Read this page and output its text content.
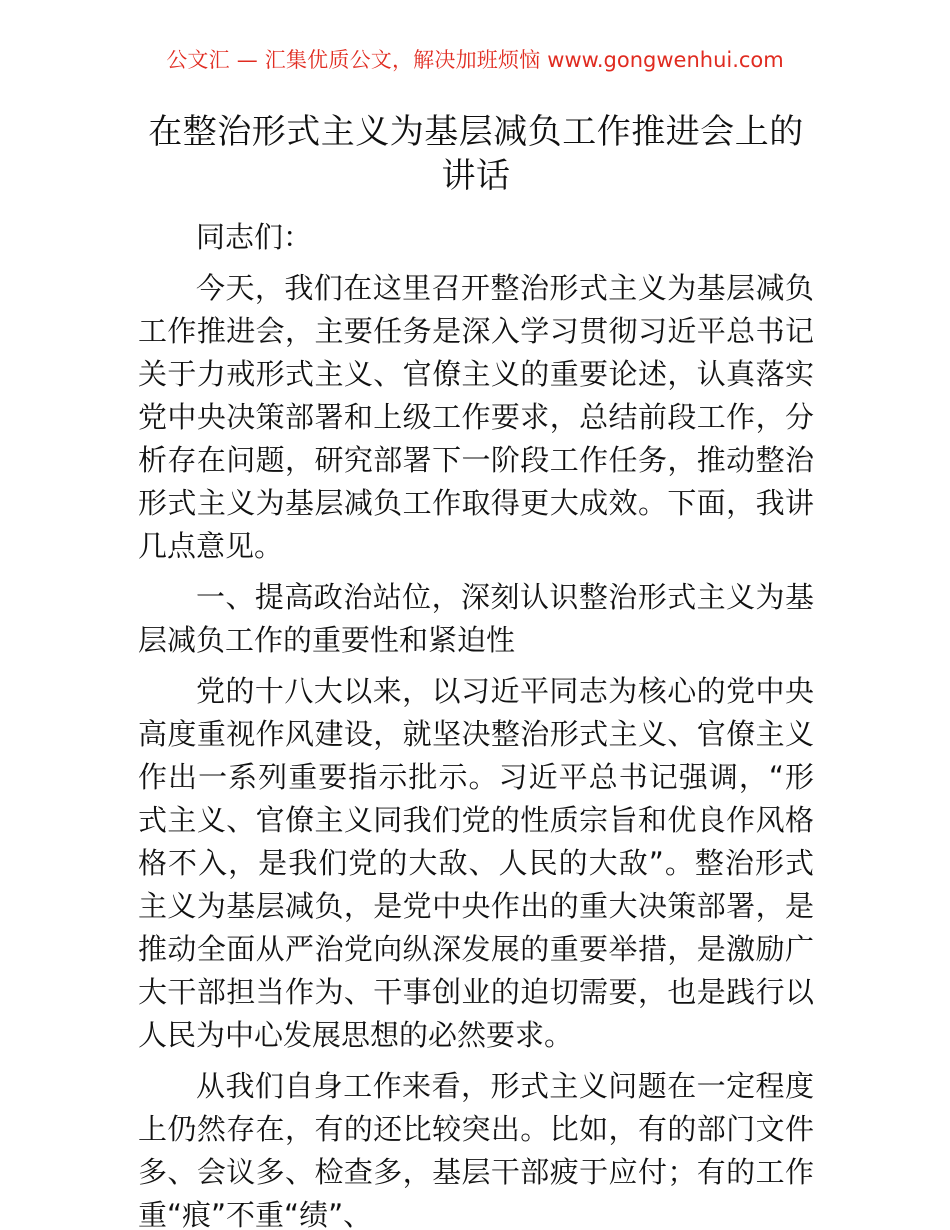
公文汇 — 汇集优质公文，解决加班烦恼 www.gongwenhui.com
在整治形式主义为基层减负工作推进会上的讲话

同志们：

今天，我们在这里召开整治形式主义为基层减负工作推进会，主要任务是深入学习贯彻习近平总书记关于力戒形式主义、官僚主义的重要论述，认真落实党中央决策部署和上级工作要求，总结前段工作，分析存在问题，研究部署下一阶段工作任务，推动整治形式主义为基层减负工作取得更大成效。下面，我讲几点意见。

一、提高政治站位，深刻认识整治形式主义为基层减负工作的重要性和紧迫性

党的十八大以来，以习近平同志为核心的党中央高度重视作风建设，就坚决整治形式主义、官僚主义作出一系列重要指示批示。习近平总书记强调，“形式主义、官僚主义同我们党的性质宗旨和优良作风格格不入，是我们党的大敌、人民的大敌”。整治形式主义为基层减负，是党中央作出的重大决策部署，是推动全面从严治党向纵深发展的重要举措，是激励广大干部担当作为、干事创业的迫切需要，也是践行以人民为中心发展思想的必然要求。

从我们自身工作来看，形式主义问题在一定程度上仍然存在，有的还比较突出。比如，有的部门文件多、会议多、检查多，基层干部疲于应付；有的工作重“痕”不重“绩”、
